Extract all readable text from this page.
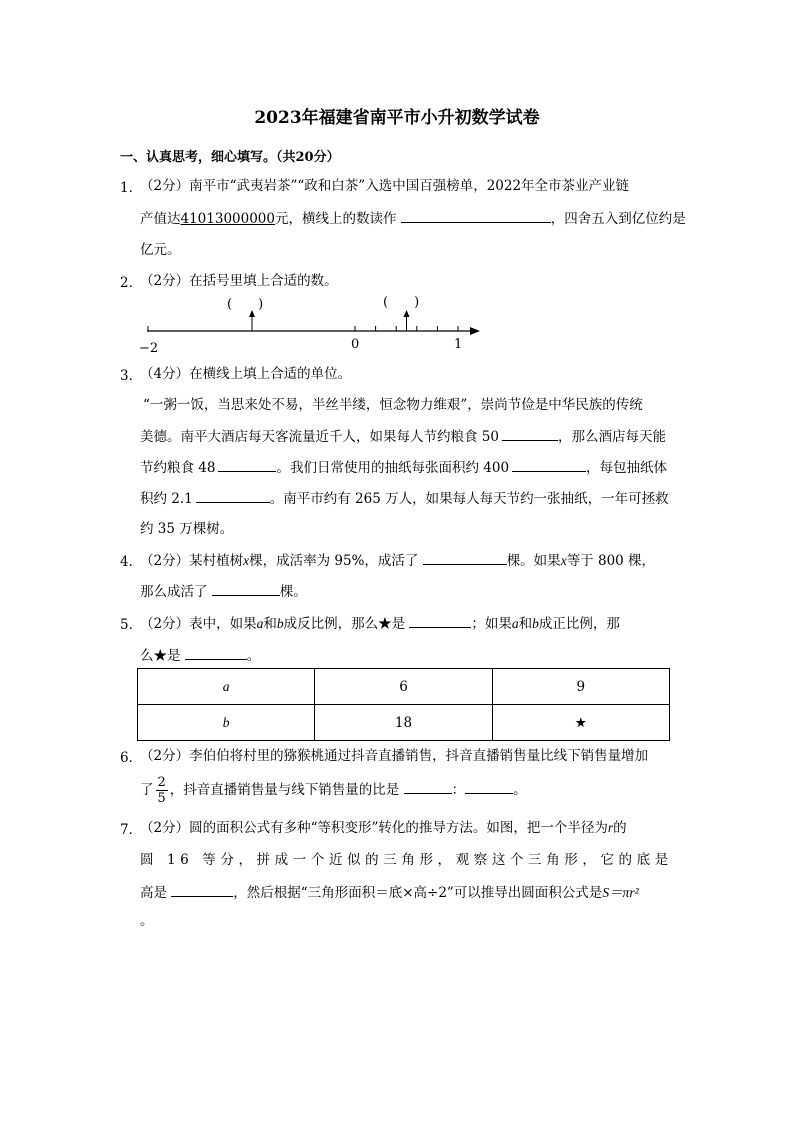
2023年福建省南平市小升初数学试卷
一、认真思考，细心填写。（共20分）
1．
（2分）南平市“武夷岩茶”“政和白茶”入选中国百强榜单，2022年全市茶业产业链
产值达41013000000元，横线上的数读作	，四舍五入到亿位约是
亿元。
2．
（2分）在括号里填上合适的数。
(　　)	(　　)
−2	0	1
3．
（4分）在横线上填上合适的单位。
“一粥一饭，当思来处不易，半丝半缕，恒念物力维艰”，崇尚节俭是中华民族的传统
美德。南平大酒店每天客流量近千人，如果每人节约粮食 50	，那么酒店每天能
节约粮食 48	。我们日常使用的抽纸每张面积约 400	，每包抽纸体
积约 2.1	。南平市约有 265 万人，如果每人每天节约一张抽纸，一年可拯救
约 35 万棵树。
4．
（2分）某村植树x棵，成活率为 95%，成活了	棵。如果x等于 800 棵，
那么成活了	棵。
5．
（2分）表中，如果a和b成反比例，那么★是	；如果a和b成正比例，那
么★是	。
a	6	9
b	18	★
6．
（2分）李伯伯将村里的猕猴桃通过抖音直播销售，抖音直播销售量比线下销售量增加
了 $\frac{2}{5}$ ，抖音直播销售量与线下销售量的比是	：	。
7．
（2分）圆的面积公式有多种“等积变形”转化的推导方法。如图，把一个半径为r的
圆 16 等分，拼成一个近似的三角形，观察这个三角形，它的底是
高是	，然后根据“三角形面积＝底×高÷2”可以推导出圆面积公式是S＝πr²
。
